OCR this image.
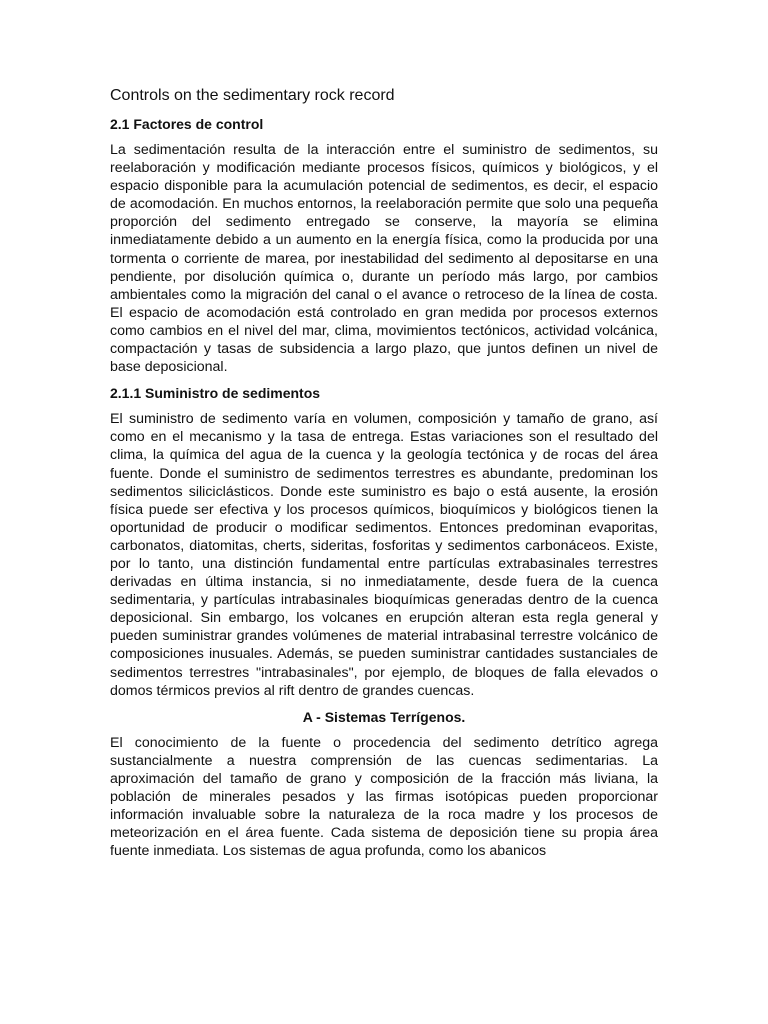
Controls on the sedimentary rock record
2.1 Factores de control

La sedimentación resulta de la interacción entre el suministro de sedimentos, su reelaboración y modificación mediante procesos físicos, químicos y biológicos, y el espacio disponible para la acumulación potencial de sedimentos, es decir, el espacio de acomodación. En muchos entornos, la reelaboración permite que solo una pequeña proporción del sedimento entregado se conserve, la mayoría se elimina inmediatamente debido a un aumento en la energía física, como la producida por una tormenta o corriente de marea, por inestabilidad del sedimento al depositarse en una pendiente, por disolución química o, durante un período más largo, por cambios ambientales como la migración del canal o el avance o retroceso de la línea de costa. El espacio de acomodación está controlado en gran medida por procesos externos como cambios en el nivel del mar, clima, movimientos tectónicos, actividad volcánica, compactación y tasas de subsidencia a largo plazo, que juntos definen un nivel de base deposicional.

2.1.1 Suministro de sedimentos

El suministro de sedimento varía en volumen, composición y tamaño de grano, así como en el mecanismo y la tasa de entrega. Estas variaciones son el resultado del clima, la química del agua de la cuenca y la geología tectónica y de rocas del área fuente. Donde el suministro de sedimentos terrestres es abundante, predominan los sedimentos siliciclásticos. Donde este suministro es bajo o está ausente, la erosión física puede ser efectiva y los procesos químicos, bioquímicos y biológicos tienen la oportunidad de producir o modificar sedimentos. Entonces predominan evaporitas, carbonatos, diatomitas, cherts, sideritas, fosforitas y sedimentos carbonáceos. Existe, por lo tanto, una distinción fundamental entre partículas extrabasinales terrestres derivadas en última instancia, si no inmediatamente, desde fuera de la cuenca sedimentaria, y partículas intrabasinales bioquímicas generadas dentro de la cuenca deposicional. Sin embargo, los volcanes en erupción alteran esta regla general y pueden suministrar grandes volúmenes de material intrabasinal terrestre volcánico de composiciones inusuales. Además, se pueden suministrar cantidades sustanciales de sedimentos terrestres "intrabasinales", por ejemplo, de bloques de falla elevados o domos térmicos previos al rift dentro de grandes cuencas.

A - Sistemas Terrígenos.

El conocimiento de la fuente o procedencia del sedimento detrítico agrega sustancialmente a nuestra comprensión de las cuencas sedimentarias. La aproximación del tamaño de grano y composición de la fracción más liviana, la población de minerales pesados y las firmas isotópicas pueden proporcionar información invaluable sobre la naturaleza de la roca madre y los procesos de meteorización en el área fuente. Cada sistema de deposición tiene su propia área fuente inmediata. Los sistemas de agua profunda, como los abanicos
